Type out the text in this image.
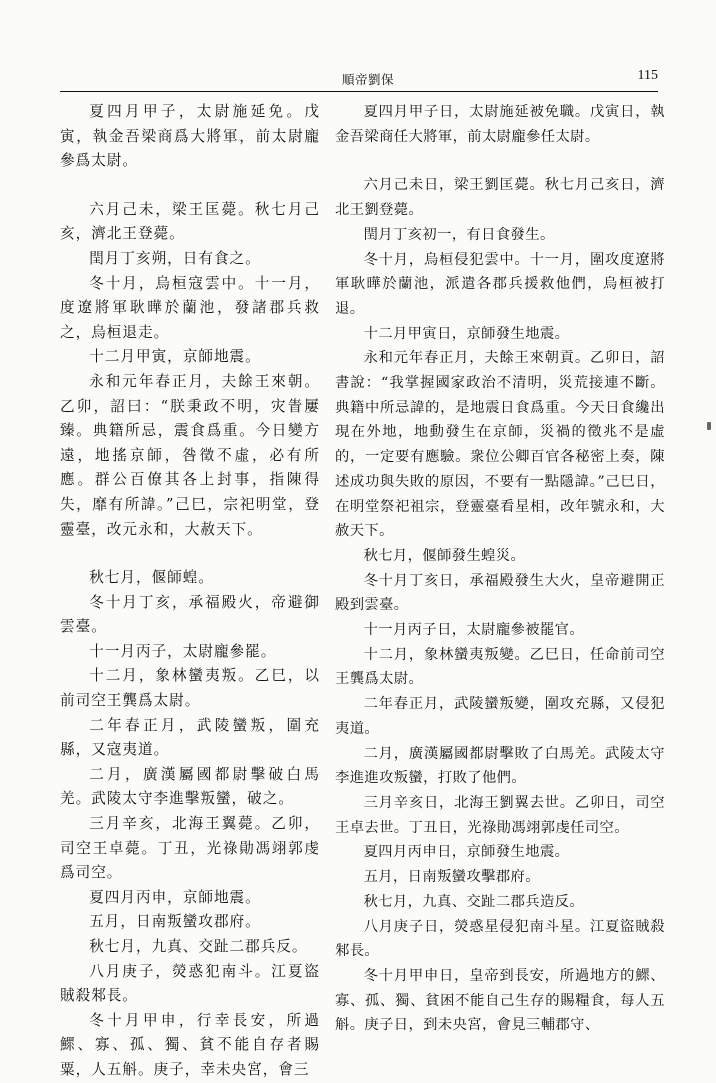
順帝劉保	115

夏四月甲子，太尉施延免。戊寅，執金吾梁商爲大將軍，前太尉龐參爲太尉。

六月己未，梁王匡薨。秋七月己亥，濟北王登薨。

閏月丁亥朔，日有食之。

冬十月，烏桓寇雲中。十一月，度遼將軍耿曄於蘭池，發諸郡兵救之，烏桓退走。

十二月甲寅，京師地震。

永和元年春正月，夫餘王來朝。乙卯，詔曰：“朕秉政不明，灾眚屢臻。典籍所忌，震食爲重。今日變方遠，地搖京師，咎徵不虛，必有所應。群公百僚其各上封事，指陳得失，靡有所諱。”己巳，宗祀明堂，登靈臺，改元永和，大赦天下。

秋七月，偃師蝗。

冬十月丁亥，承福殿火，帝避御雲臺。

十一月丙子，太尉龐參罷。

十二月，象林蠻夷叛。乙巳，以前司空王龔爲太尉。

二年春正月，武陵蠻叛，圍充縣，又寇夷道。

二月，廣漢屬國都尉擊破白馬羌。武陵太守李進擊叛蠻，破之。

三月辛亥，北海王翼薨。乙卯，司空王卓薨。丁丑，光祿勛馮翊郭虔爲司空。

夏四月丙申，京師地震。

五月，日南叛蠻攻郡府。

秋七月，九真、交趾二郡兵反。

八月庚子，熒惑犯南斗。江夏盜賊殺邾長。

冬十月甲申，行幸長安，所過鰥、寡、孤、獨、貧不能自存者賜粟，人五斛。庚子，幸未央宮，會三

夏四月甲子日，太尉施延被免職。戊寅日，執金吾梁商任大將軍，前太尉龐參任太尉。

六月己未日，梁王劉匡薨。秋七月己亥日，濟北王劉登薨。

閏月丁亥初一，有日食發生。

冬十月，烏桓侵犯雲中。十一月，圍攻度遼將軍耿曄於蘭池，派遣各郡兵援救他們，烏桓被打退。

十二月甲寅日，京師發生地震。

永和元年春正月，夫餘王來朝貢。乙卯日，詔書說：“我掌握國家政治不清明，災荒接連不斷。典籍中所忌諱的，是地震日食爲重。今天日食纔出現在外地，地動發生在京師，災禍的徵兆不是虛的，一定要有應驗。衆位公卿百官各秘密上奏，陳述成功與失敗的原因，不要有一點隱諱。”己巳日，在明堂祭祀祖宗，登靈臺看星相，改年號永和，大赦天下。

秋七月，偃師發生蝗災。

冬十月丁亥日，承福殿發生大火，皇帝避開正殿到雲臺。

十一月丙子日，太尉龐參被罷官。

十二月，象林蠻夷叛變。乙巳日，任命前司空王龔爲太尉。

二年春正月，武陵蠻叛變，圍攻充縣，又侵犯夷道。

二月，廣漢屬國都尉擊敗了白馬羌。武陵太守李進進攻叛蠻，打敗了他們。

三月辛亥日，北海王劉翼去世。乙卯日，司空王卓去世。丁丑日，光祿勛馮翊郭虔任司空。

夏四月丙申日，京師發生地震。

五月，日南叛蠻攻擊郡府。

秋七月，九真、交趾二郡兵造反。

八月庚子日，熒惑星侵犯南斗星。江夏盜賊殺邾長。

冬十月甲申日，皇帝到長安，所過地方的鰥、寡、孤、獨、貧困不能自己生存的賜糧食，每人五斛。庚子日，到未央宮，會見三輔郡守、
